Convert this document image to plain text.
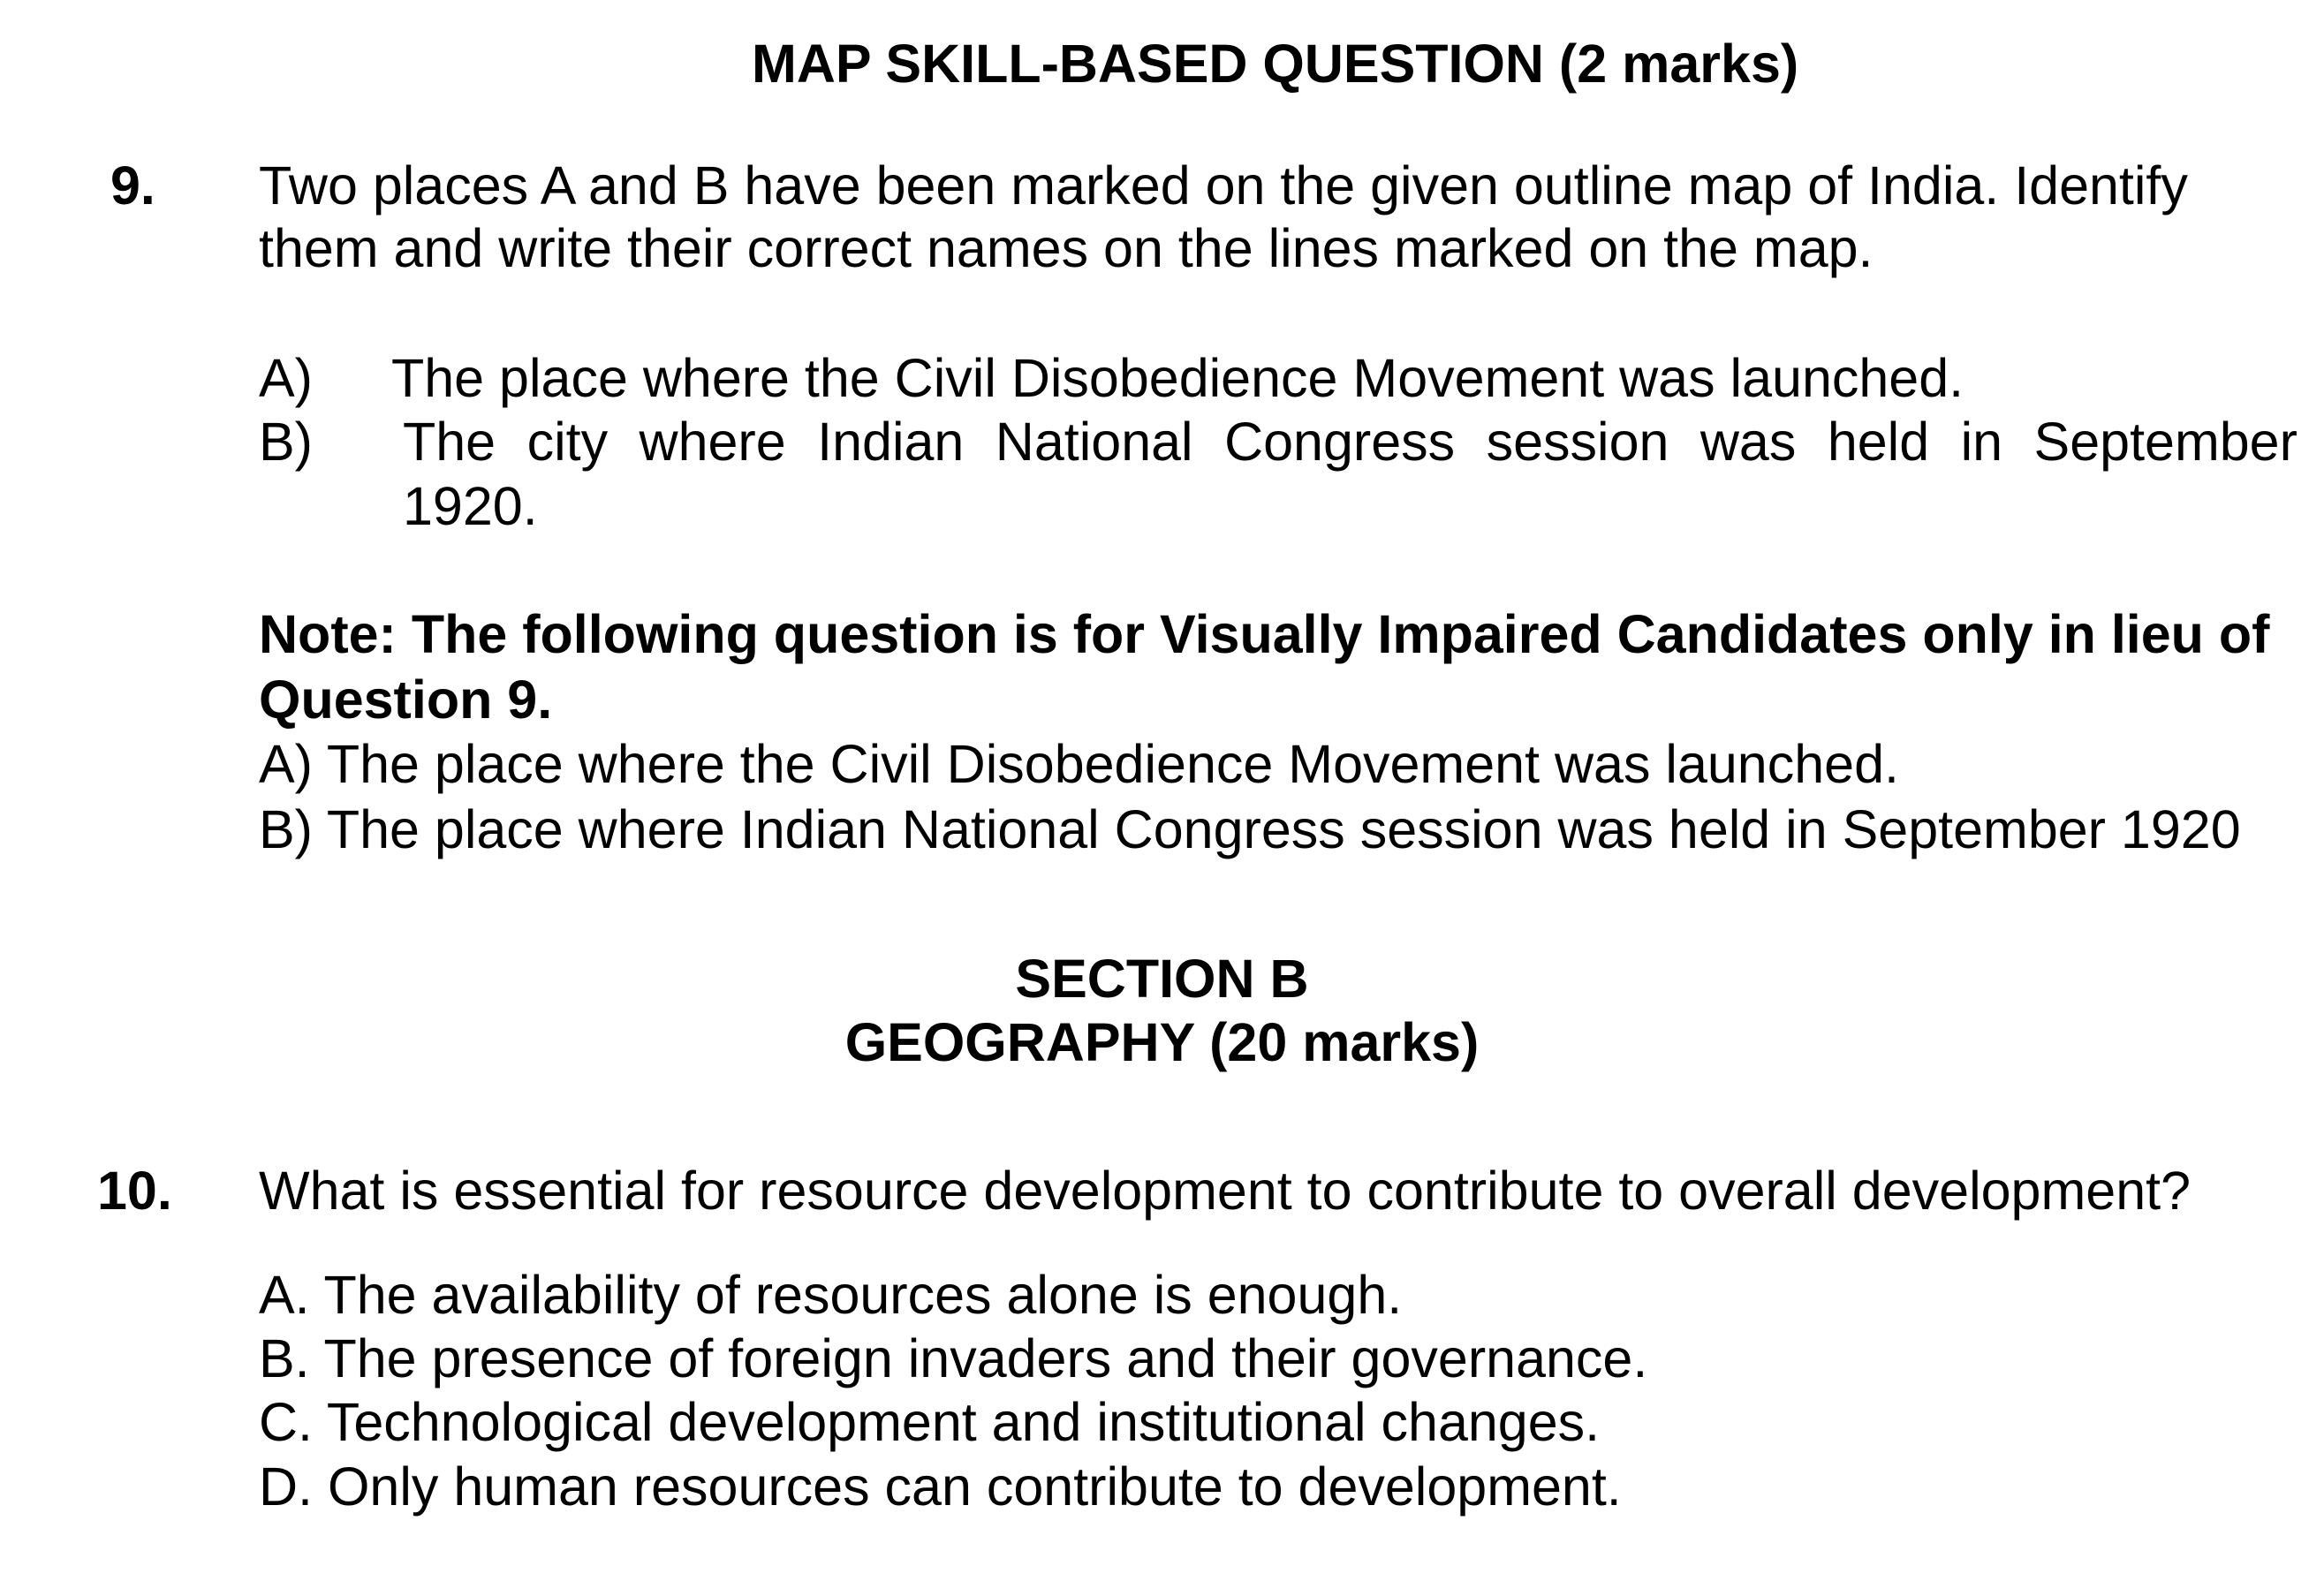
MAP SKILL-BASED QUESTION (2 marks)
9. Two places A and B have been marked on the given outline map of India. Identify
them and write their correct names on the lines marked on the map.
A) The place where the Civil Disobedience Movement was launched.
B) The city where Indian National Congress session was held in September
1920.
Note: The following question is for Visually Impaired Candidates only in lieu of
Question 9.
A) The place where the Civil Disobedience Movement was launched.
B) The place where Indian National Congress session was held in September 1920
SECTION B
GEOGRAPHY (20 marks)
10. What is essential for resource development to contribute to overall development?
A. The availability of resources alone is enough.
B. The presence of foreign invaders and their governance.
C. Technological development and institutional changes.
D. Only human resources can contribute to development.
